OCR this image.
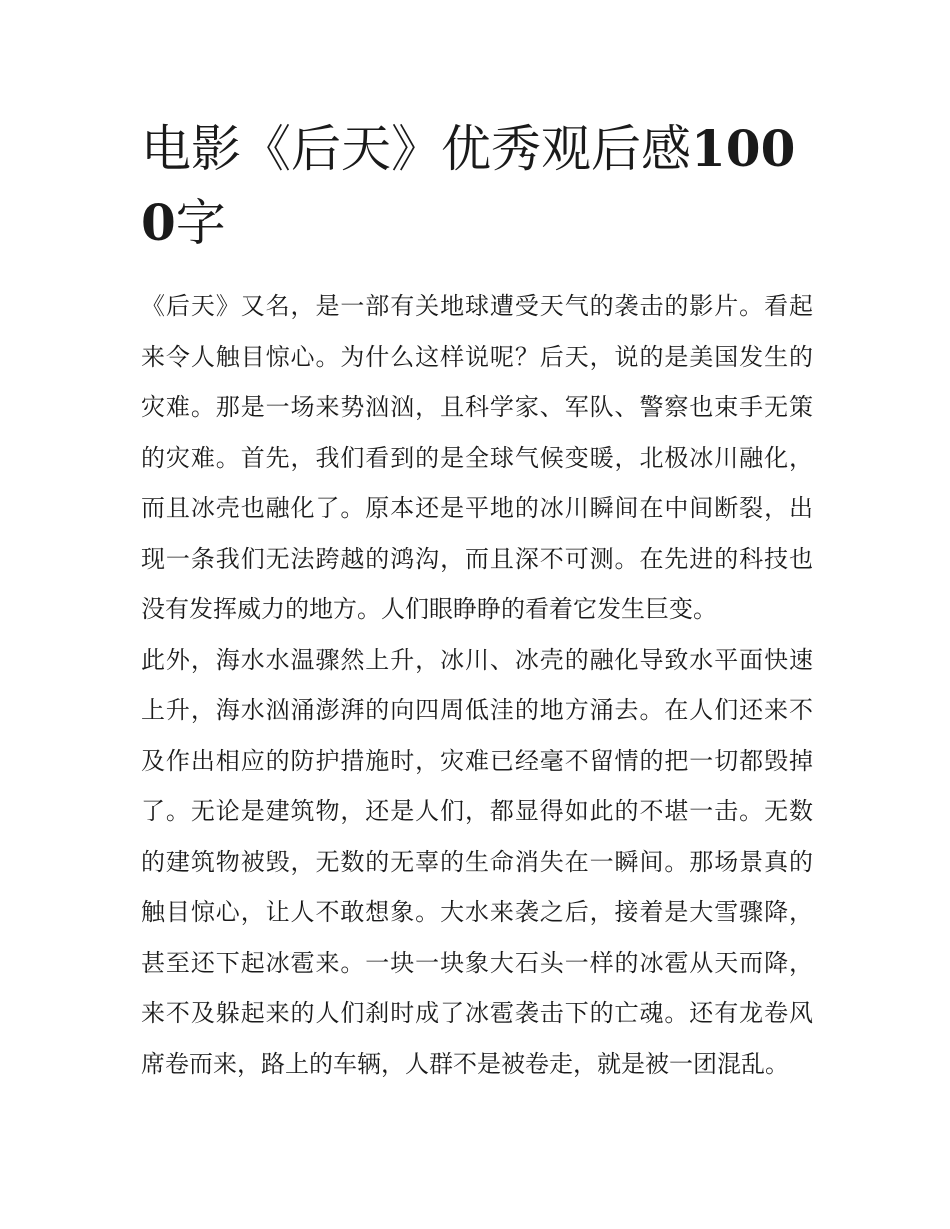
电影《后天》优秀观后感1000字

《后天》又名，是一部有关地球遭受天气的袭击的影片。看起
来令人触目惊心。为什么这样说呢？后天，说的是美国发生的
灾难。那是一场来势汹汹，且科学家、军队、警察也束手无策
的灾难。首先，我们看到的是全球气候变暖，北极冰川融化，
而且冰壳也融化了。原本还是平地的冰川瞬间在中间断裂，出
现一条我们无法跨越的鸿沟，而且深不可测。在先进的科技也
没有发挥威力的地方。人们眼睁睁的看着它发生巨变。

此外，海水水温骤然上升，冰川、冰壳的融化导致水平面快速
上升，海水汹涌澎湃的向四周低洼的地方涌去。在人们还来不
及作出相应的防护措施时，灾难已经毫不留情的把一切都毁掉
了。无论是建筑物，还是人们，都显得如此的不堪一击。无数
的建筑物被毁，无数的无辜的生命消失在一瞬间。那场景真的
触目惊心，让人不敢想象。大水来袭之后，接着是大雪骤降，
甚至还下起冰雹来。一块一块象大石头一样的冰雹从天而降，
来不及躲起来的人们刹时成了冰雹袭击下的亡魂。还有龙卷风
席卷而来，路上的车辆，人群不是被卷走，就是被一团混乱。
